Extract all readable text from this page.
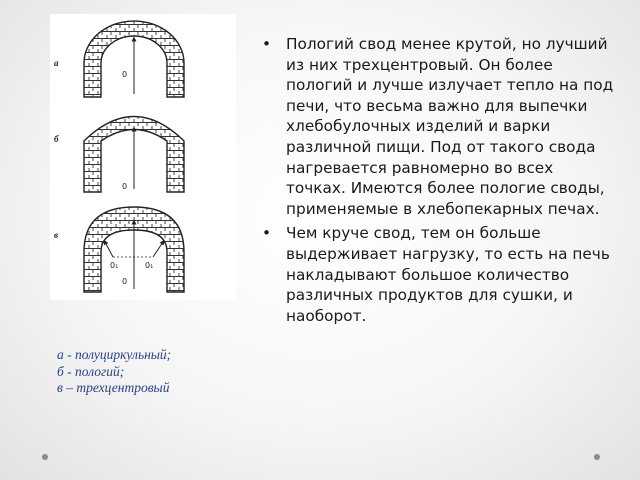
а
0
б
0
в
0
0₁	0₁
а - полуциркульный;
б - пологий;
в – трехцентровый
• Пологий свод менее крутой, но лучший из них трехцентровый. Он более пологий и лучше излучает тепло на под печи, что весьма важно для выпечки хлебобулочных изделий и варки различной пищи. Под от такого свода нагревается равномерно во всех точках. Имеются более пологие своды, применяемые в хлебопекарных печах.
• Чем круче свод, тем он больше выдерживает нагрузку, то есть на печь накладывают большое количество различных продуктов для сушки, и наоборот.
